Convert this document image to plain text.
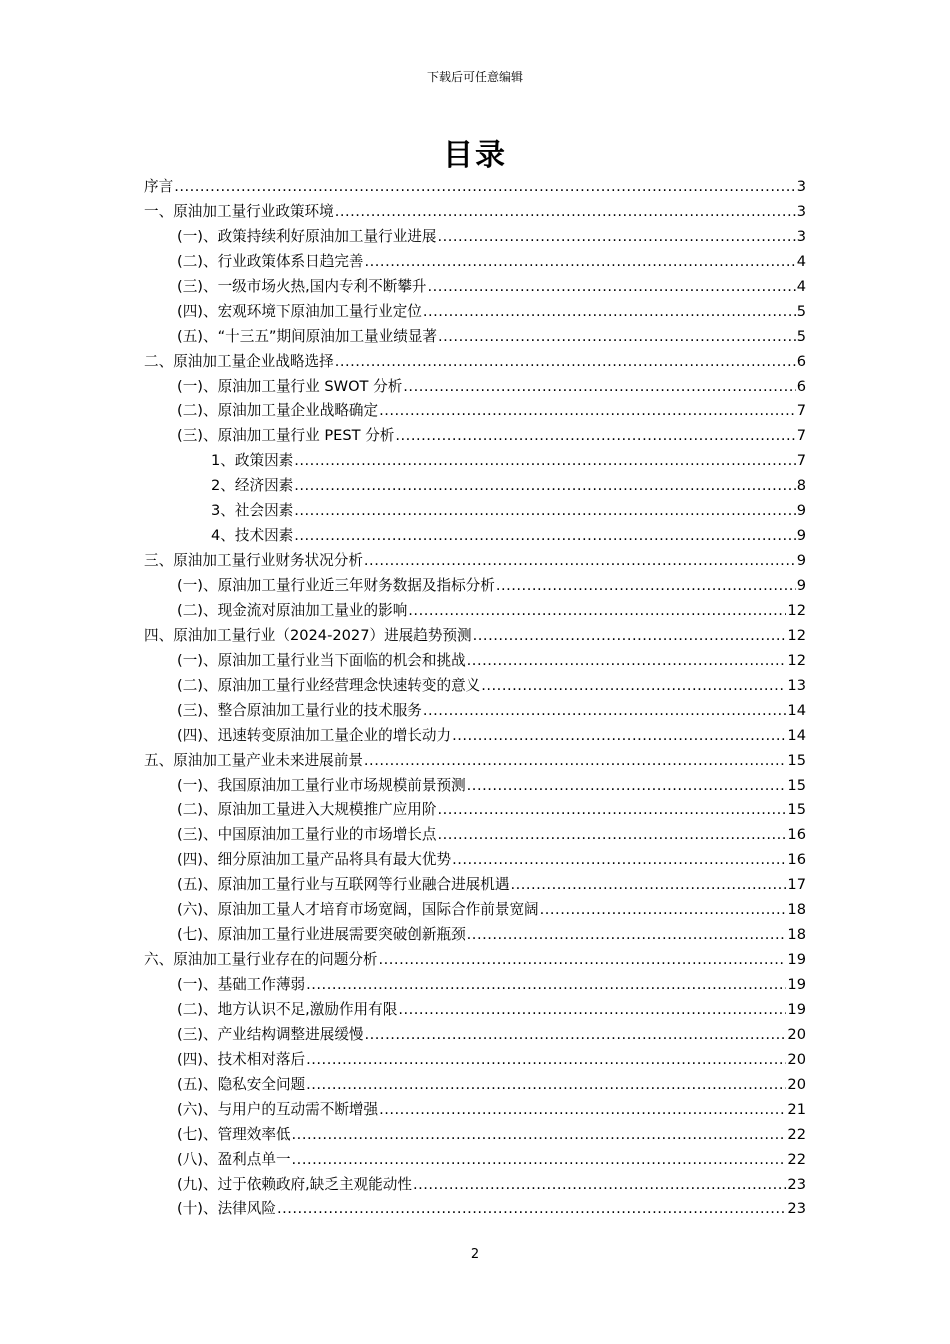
下载后可任意编辑
目录
序言 .....	3
一、原油加工量行业政策环境 .....	3
(一)、政策持续利好原油加工量行业进展 .....	3
(二)、行业政策体系日趋完善 .....	4
(三)、一级市场火热,国内专利不断攀升 .....	4
(四)、宏观环境下原油加工量行业定位 .....	5
(五)、“十三五”期间原油加工量业绩显著 .....	5
二、原油加工量企业战略选择 .....	6
(一)、原油加工量行业 SWOT 分析 .....	6
(二)、原油加工量企业战略确定 .....	7
(三)、原油加工量行业 PEST 分析 .....	7
1、政策因素 .....	7
2、经济因素 .....	8
3、社会因素 .....	9
4、技术因素 .....	9
三、原油加工量行业财务状况分析 .....	9
(一)、原油加工量行业近三年财务数据及指标分析 .....	9
(二)、现金流对原油加工量业的影响 .....	12
四、原油加工量行业（2024-2027）进展趋势预测 .....	12
(一)、原油加工量行业当下面临的机会和挑战 .....	12
(二)、原油加工量行业经营理念快速转变的意义 .....	13
(三)、整合原油加工量行业的技术服务 .....	14
(四)、迅速转变原油加工量企业的增长动力 .....	14
五、原油加工量产业未来进展前景 .....	15
(一)、我国原油加工量行业市场规模前景预测 .....	15
(二)、原油加工量进入大规模推广应用阶 .....	15
(三)、中国原油加工量行业的市场增长点 .....	16
(四)、细分原油加工量产品将具有最大优势 .....	16
(五)、原油加工量行业与互联网等行业融合进展机遇 .....	17
(六)、原油加工量人才培育市场宽阔，国际合作前景宽阔 .....	18
(七)、原油加工量行业进展需要突破创新瓶颈 .....	18
六、原油加工量行业存在的问题分析 .....	19
(一)、基础工作薄弱 .....	19
(二)、地方认识不足,激励作用有限 .....	19
(三)、产业结构调整进展缓慢 .....	20
(四)、技术相对落后 .....	20
(五)、隐私安全问题 .....	20
(六)、与用户的互动需不断增强 .....	21
(七)、管理效率低 .....	22
(八)、盈利点单一 .....	22
(九)、过于依赖政府,缺乏主观能动性 .....	23
(十)、法律风险 .....	23
2
